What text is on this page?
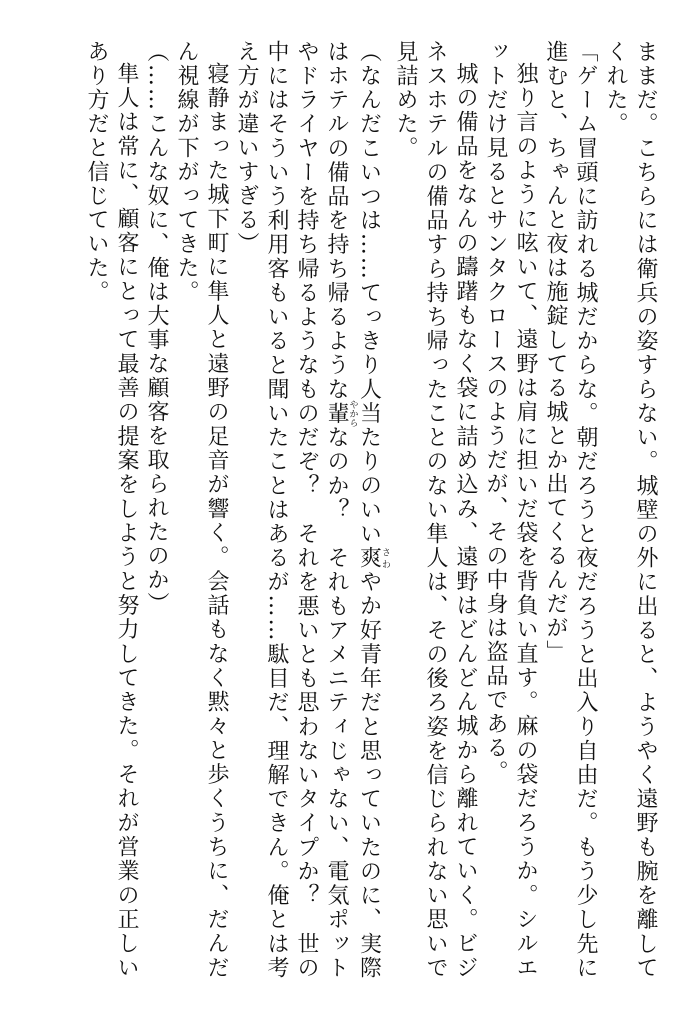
ままだ。こちらには衛兵の姿すらない。城壁の外に出ると、ようやく遠野も腕を離してくれた。

「ゲーム冒頭に訪れる城だからな。朝だろうと夜だろうと出入り自由だ。もう少し先に進むと、ちゃんと夜は施錠してる城とか出てくるんだが」

独り言のように呟いて、遠野は肩に担いだ袋を背負い直す。麻の袋だろうか。シルエットだけ見るとサンタクロースのようだが、その中身は盗品である。

城の備品をなんの躊躇もなく袋に詰め込み、遠野はどんどん城から離れていく。ビジネスホテルの備品すら持ち帰ったことのない隼人は、その後ろ姿を信じられない思いで見詰めた。

（なんだこいつは……てっきり人当たりのいい爽さわやか好青年だと思っていたのに、実際はホテルの備品を持ち帰るような輩やからなのか？　それもアメニティじゃない、電気ポットやドライヤーを持ち帰るようなものだぞ？　それを悪いとも思わないタイプか？　世の中にはそういう利用客もいると聞いたことはあるが……駄目だ、理解できん。俺とは考え方が違いすぎる）

寝静まった城下町に隼人と遠野の足音が響く。会話もなく黙々と歩くうちに、だんだん視線が下がってきた。

（……こんな奴に、俺は大事な顧客を取られたのか）

隼人は常に、顧客にとって最善の提案をしようと努力してきた。それが営業の正しいあり方だと信じていた。
